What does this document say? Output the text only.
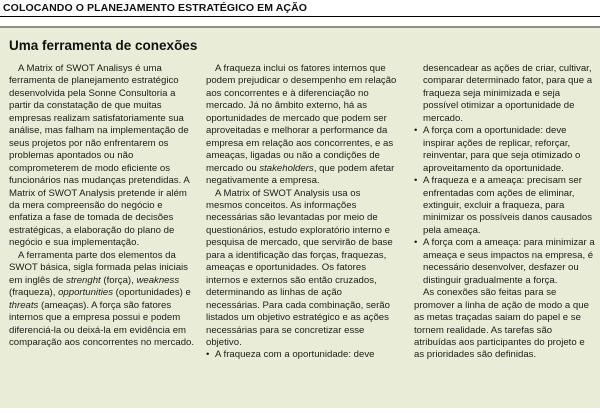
COLOCANDO O PLANEJAMENTO ESTRATÉGICO EM AÇÃO
Uma ferramenta de conexões

A Matrix of SWOT Analisys é uma ferramenta de planejamento estratégico desenvolvida pela Sonne Consultoria a partir da constatação de que muitas empresas realizam satisfatoriamente sua análise, mas falham na implementação de seus projetos por não enfrentarem os problemas apontados ou não comprometerem de modo eficiente os funcionários nas mudanças pretendidas. A Matrix of SWOT Analysis pretende ir além da mera compreensão do negócio e enfatiza a fase de tomada de decisões estratégicas, a elaboração do plano de negócio e sua implementação.

A ferramenta parte dos elementos da SWOT básica, sigla formada pelas iniciais em inglês de strenght (força), weakness (fraqueza), opportunities (oportunidades) e threats (ameaças). A força são fatores internos que a empresa possui e podem diferenciá-la ou deixá-la em evidência em comparação aos concorrentes no mercado.

A fraqueza inclui os fatores internos que podem prejudicar o desempenho em relação aos concorrentes e à diferenciação no mercado. Já no âmbito externo, há as oportunidades de mercado que podem ser aproveitadas e melhorar a performance da empresa em relação aos concorrentes, e as ameaças, ligadas ou não a condições de mercado ou stakeholders, que podem afetar negativamente a empresa.

A Matrix of SWOT Analysis usa os mesmos conceitos. As informações necessárias são levantadas por meio de questionários, estudo exploratório interno e pesquisa de mercado, que servirão de base para a identificação das forças, fraquezas, ameaças e oportunidades. Os fatores internos e externos são então cruzados, determinando as linhas de ação necessárias. Para cada combinação, serão listados um objetivo estratégico e as ações necessárias para se concretizar esse objetivo.

• A fraqueza com a oportunidade: deve

desencadear as ações de criar, cultivar, comparar determinado fator, para que a fraqueza seja minimizada e seja possível otimizar a oportunidade de mercado.

• A força com a oportunidade: deve inspirar ações de replicar, reforçar, reinventar, para que seja otimizado o aproveitamento da oportunidade.
• A fraqueza e a ameaça: precisam ser enfrentadas com ações de eliminar, extinguir, excluir a fraqueza, para minimizar os possíveis danos causados pela ameaça.
• A força com a ameaça: para minimizar a ameaça e seus impactos na empresa, é necessário desenvolver, desfazer ou distinguir gradualmente a força.

As conexões são feitas para se promover a linha de ação de modo a que as metas traçadas saiam do papel e se tornem realidade. As tarefas são atribuídas aos participantes do projeto e as prioridades são definidas.
